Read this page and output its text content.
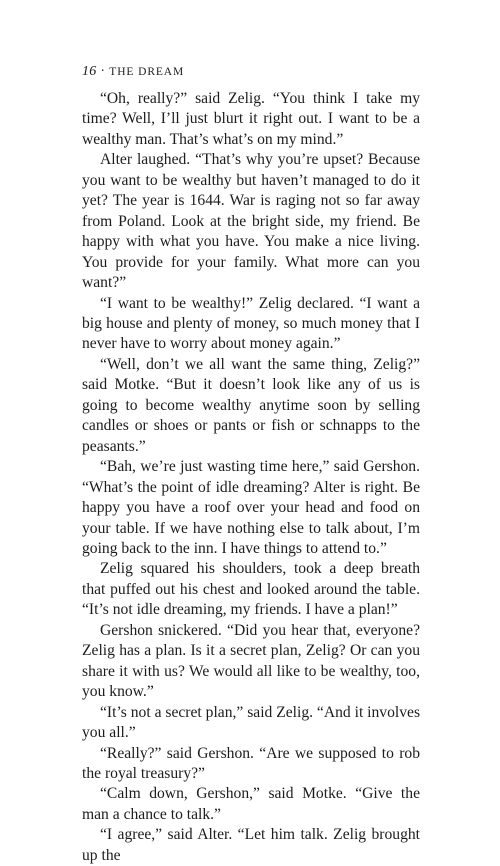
16 · THE DREAM

“Oh, really?” said Zelig. “You think I take my time? Well, I’ll just blurt it right out. I want to be a wealthy man. That’s what’s on my mind.”

Alter laughed. “That’s why you’re upset? Because you want to be wealthy but haven’t managed to do it yet? The year is 1644. War is raging not so far away from Poland. Look at the bright side, my friend. Be happy with what you have. You make a nice living. You provide for your family. What more can you want?”

“I want to be wealthy!” Zelig declared. “I want a big house and plenty of money, so much money that I never have to worry about money again.”

“Well, don’t we all want the same thing, Zelig?” said Motke. “But it doesn’t look like any of us is going to become wealthy anytime soon by selling candles or shoes or pants or fish or schnapps to the peasants.”

“Bah, we’re just wasting time here,” said Gershon. “What’s the point of idle dreaming? Alter is right. Be happy you have a roof over your head and food on your table. If we have nothing else to talk about, I’m going back to the inn. I have things to attend to.”

Zelig squared his shoulders, took a deep breath that puffed out his chest and looked around the table. “It’s not idle dreaming, my friends. I have a plan!”

Gershon snickered. “Did you hear that, everyone? Zelig has a plan. Is it a secret plan, Zelig? Or can you share it with us? We would all like to be wealthy, too, you know.”

“It’s not a secret plan,” said Zelig. “And it involves you all.”

“Really?” said Gershon. “Are we supposed to rob the royal treasury?”

“Calm down, Gershon,” said Motke. “Give the man a chance to talk.”

“I agree,” said Alter. “Let him talk. Zelig brought up the
